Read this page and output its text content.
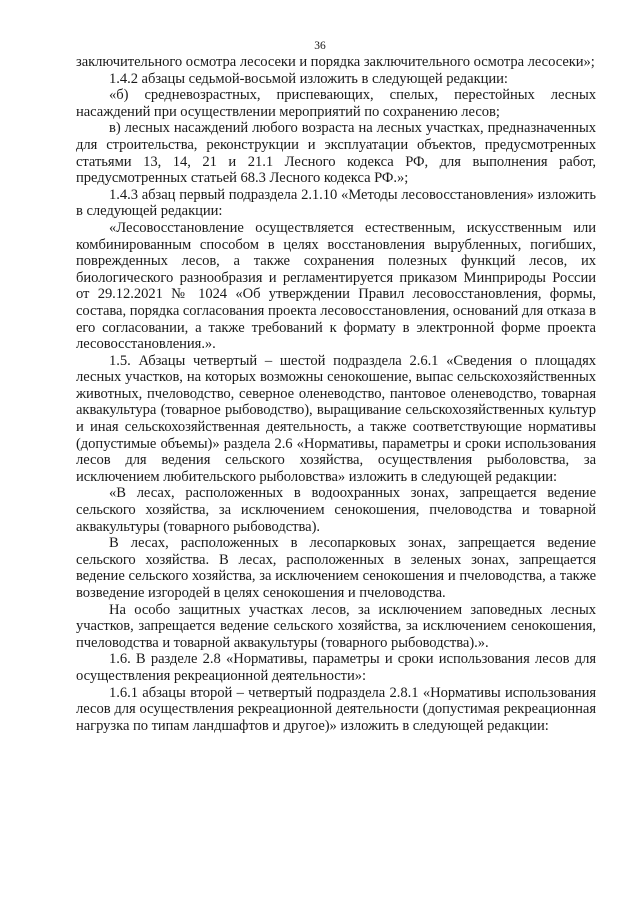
36

заключительного осмотра лесосеки и порядка заключительного осмотра лесосеки»;

1.4.2 абзацы седьмой-восьмой изложить в следующей редакции:

«б) средневозрастных, приспевающих, спелых, перестойных лесных насаждений при осуществлении мероприятий по сохранению лесов;

в) лесных насаждений любого возраста на лесных участках, предназначенных для строительства, реконструкции и эксплуатации объектов, предусмотренных статьями 13, 14, 21 и 21.1 Лесного кодекса РФ, для выполнения работ, предусмотренных статьей 68.3 Лесного кодекса РФ.»;

1.4.3 абзац первый подраздела 2.1.10 «Методы лесовосстановления» изложить в следующей редакции:

«Лесовосстановление осуществляется естественным, искусственным или комбинированным способом в целях восстановления вырубленных, погибших, поврежденных лесов, а также сохранения полезных функций лесов, их биологического разнообразия и регламентируется приказом Минприроды России от 29.12.2021 № 1024 «Об утверждении Правил лесовосстановления, формы, состава, порядка согласования проекта лесовосстановления, оснований для отказа в его согласовании, а также требований к формату в электронной форме проекта лесовосстановления.».

1.5. Абзацы четвертый – шестой подраздела 2.6.1 «Сведения о площадях лесных участков, на которых возможны сенокошение, выпас сельскохозяйственных животных, пчеловодство, северное оленеводство, пантовое оленеводство, товарная аквакультура (товарное рыбоводство), выращивание сельскохозяйственных культур и иная сельскохозяйственная деятельность, а также соответствующие нормативы (допустимые объемы)» раздела 2.6 «Нормативы, параметры и сроки использования лесов для ведения сельского хозяйства, осуществления рыболовства, за исключением любительского рыболовства» изложить в следующей редакции:

«В лесах, расположенных в водоохранных зонах, запрещается ведение сельского хозяйства, за исключением сенокошения, пчеловодства и товарной аквакультуры (товарного рыбоводства).

В лесах, расположенных в лесопарковых зонах, запрещается ведение сельского хозяйства. В лесах, расположенных в зеленых зонах, запрещается ведение сельского хозяйства, за исключением сенокошения и пчеловодства, а также возведение изгородей в целях сенокошения и пчеловодства.

На особо защитных участках лесов, за исключением заповедных лесных участков, запрещается ведение сельского хозяйства, за исключением сенокошения, пчеловодства и товарной аквакультуры (товарного рыбоводства).».

1.6. В разделе 2.8 «Нормативы, параметры и сроки использования лесов для осуществления рекреационной деятельности»:

1.6.1 абзацы второй – четвертый подраздела 2.8.1 «Нормативы использования лесов для осуществления рекреационной деятельности (допустимая рекреационная нагрузка по типам ландшафтов и другое)» изложить в следующей редакции:
